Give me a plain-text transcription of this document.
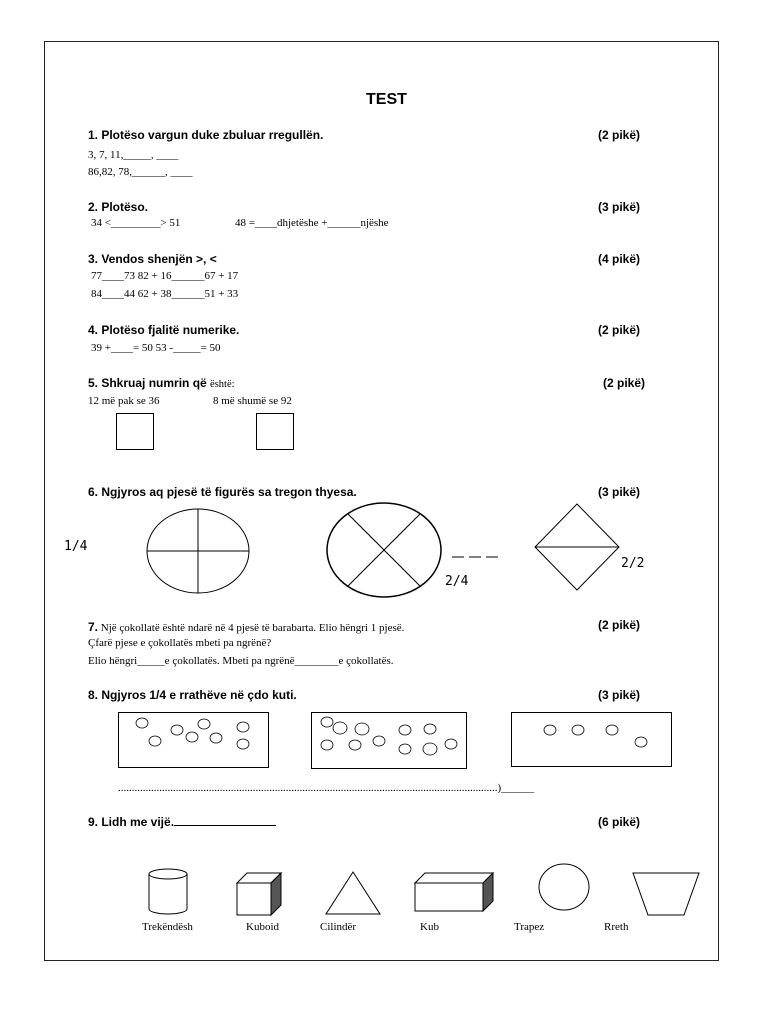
TEST
1. Plotëso vargun duke zbuluar rregullën.	(2 pikë)
3, 7, 11,_____, ____
86,82, 78,______, ____
2. Plotëso.	(3 pikë)
34 <_________> 51	48 =____dhjetëshe +______njëshe
3. Vendos shenjën >, <	(4 pikë)
77____73 82 + 16______67 + 17
84____44 62 + 38______51 + 33
4. Plotëso fjalitë numerike.	(2 pikë)
39 +____= 50 53 -_____= 50
5. Shkruaj numrin që është:	(2 pikë)
12 më pak se 36	8 më shumë se 92
6. Ngjyros aq pjesë të figurës sa tregon thyesa.	(3 pikë)
1/4
2/4
2/2
7. Një çokollatë është ndarë në 4 pjesë të barabarta. Elio hëngri 1 pjesë.	(2 pikë)
Çfarë pjese e çokollatës mbeti pa ngrënë?
Elio hëngri_____e çokollatës. Mbeti pa ngrënë________e çokollatës.
8. Ngjyros 1/4 e rrathëve në çdo kuti.	(3 pikë)
..........................................................................................................................................)______
9. Lidh me vijë.	(6 pikë)
Trekëndësh	Kuboid	Cilindër	Kub	Trapez	Rreth
